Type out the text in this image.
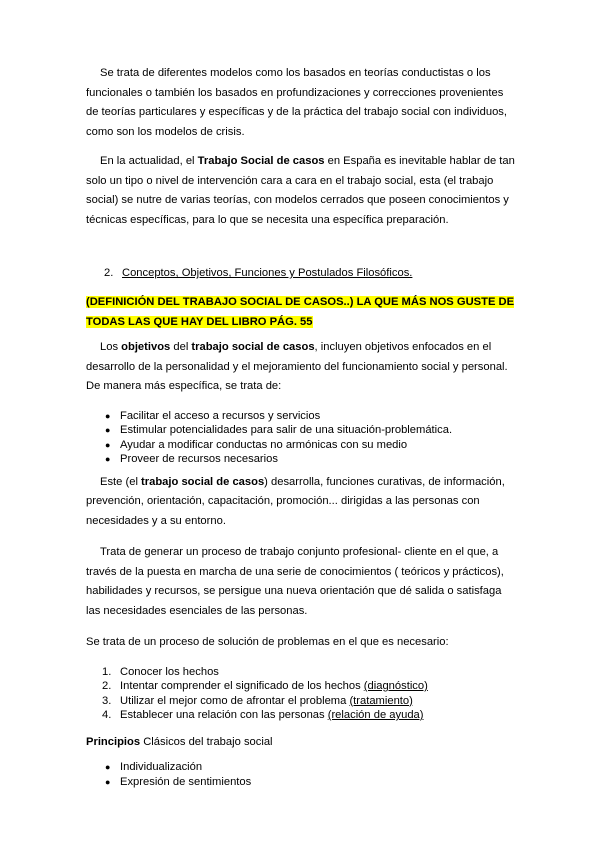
Se trata de diferentes modelos como los basados en teorías conductistas o los funcionales o también los basados en profundizaciones y correcciones provenientes de teorías particulares y específicas y de la práctica del trabajo social con individuos, como son los modelos de crisis.

En la actualidad, el Trabajo Social de casos en España es inevitable hablar de tan solo un tipo o nivel de intervención cara a cara en el trabajo social, esta (el trabajo social) se nutre de varias teorías, con modelos cerrados que poseen conocimientos y técnicas específicas, para lo que se necesita una específica preparación.

2. Conceptos, Objetivos, Funciones y Postulados Filosóficos.

(DEFINICIÓN DEL TRABAJO SOCIAL DE CASOS..) LA QUE MÁS NOS GUSTE DE TODAS LAS QUE HAY DEL LIBRO PÁG. 55

Los objetivos del trabajo social de casos, incluyen objetivos enfocados en el desarrollo de la personalidad y el mejoramiento del funcionamiento social y personal. De manera más específica, se trata de:

● Facilitar el acceso a recursos y servicios
● Estimular potencialidades para salir de una situación-problemática.
● Ayudar a modificar conductas no armónicas con su medio
● Proveer de recursos necesarios

Este (el trabajo social de casos) desarrolla, funciones curativas, de información, prevención, orientación, capacitación, promoción... dirigidas a las personas con necesidades y a su entorno.

Trata de generar un proceso de trabajo conjunto profesional- cliente en el que, a través de la puesta en marcha de una serie de conocimientos ( teóricos y prácticos), habilidades y recursos, se persigue una nueva orientación que dé salida o satisfaga las necesidades esenciales de las personas.

Se trata de un proceso de solución de problemas en el que es necesario:

1. Conocer los hechos
2. Intentar comprender el significado de los hechos (diagnóstico)
3. Utilizar el mejor como de afrontar el problema (tratamiento)
4. Establecer una relación con las personas (relación de ayuda)

Principios Clásicos del trabajo social

● Individualización
● Expresión de sentimientos
